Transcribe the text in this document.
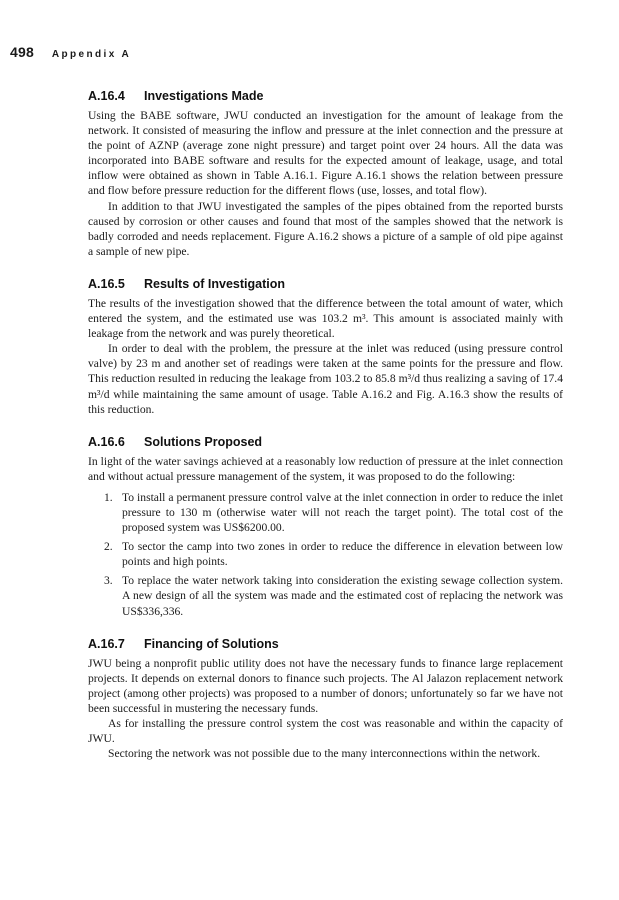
498 Appendix A
A.16.4 Investigations Made

Using the BABE software, JWU conducted an investigation for the amount of leakage from the network. It consisted of measuring the inflow and pressure at the inlet connection and the pressure at the point of AZNP (average zone night pressure) and target point over 24 hours. All the data was incorporated into BABE software and results for the expected amount of leakage, usage, and total inflow were obtained as shown in Table A.16.1. Figure A.16.1 shows the relation between pressure and flow before pressure reduction for the different flows (use, losses, and total flow).

In addition to that JWU investigated the samples of the pipes obtained from the reported bursts caused by corrosion or other causes and found that most of the samples showed that the network is badly corroded and needs replacement. Figure A.16.2 shows a picture of a sample of old pipe against a sample of new pipe.

A.16.5 Results of Investigation

The results of the investigation showed that the difference between the total amount of water, which entered the system, and the estimated use was 103.2 m³. This amount is associated mainly with leakage from the network and was purely theoretical.

In order to deal with the problem, the pressure at the inlet was reduced (using pressure control valve) by 23 m and another set of readings were taken at the same points for the pressure and flow. This reduction resulted in reducing the leakage from 103.2 to 85.8 m³/d thus realizing a saving of 17.4 m³/d while maintaining the same amount of usage. Table A.16.2 and Fig. A.16.3 show the results of this reduction.

A.16.6 Solutions Proposed

In light of the water savings achieved at a reasonably low reduction of pressure at the inlet connection and without actual pressure management of the system, it was proposed to do the following:

1. To install a permanent pressure control valve at the inlet connection in order to reduce the inlet pressure to 130 m (otherwise water will not reach the target point). The total cost of the proposed system was US$6200.00.
2. To sector the camp into two zones in order to reduce the difference in elevation between low points and high points.
3. To replace the water network taking into consideration the existing sewage collection system. A new design of all the system was made and the estimated cost of replacing the network was US$336,336.
A.16.7 Financing of Solutions

JWU being a nonprofit public utility does not have the necessary funds to finance large replacement projects. It depends on external donors to finance such projects. The Al Jalazon replacement network project (among other projects) was proposed to a number of donors; unfortunately so far we have not been successful in mustering the necessary funds.

As for installing the pressure control system the cost was reasonable and within the capacity of JWU.

Sectoring the network was not possible due to the many interconnections within the network.
